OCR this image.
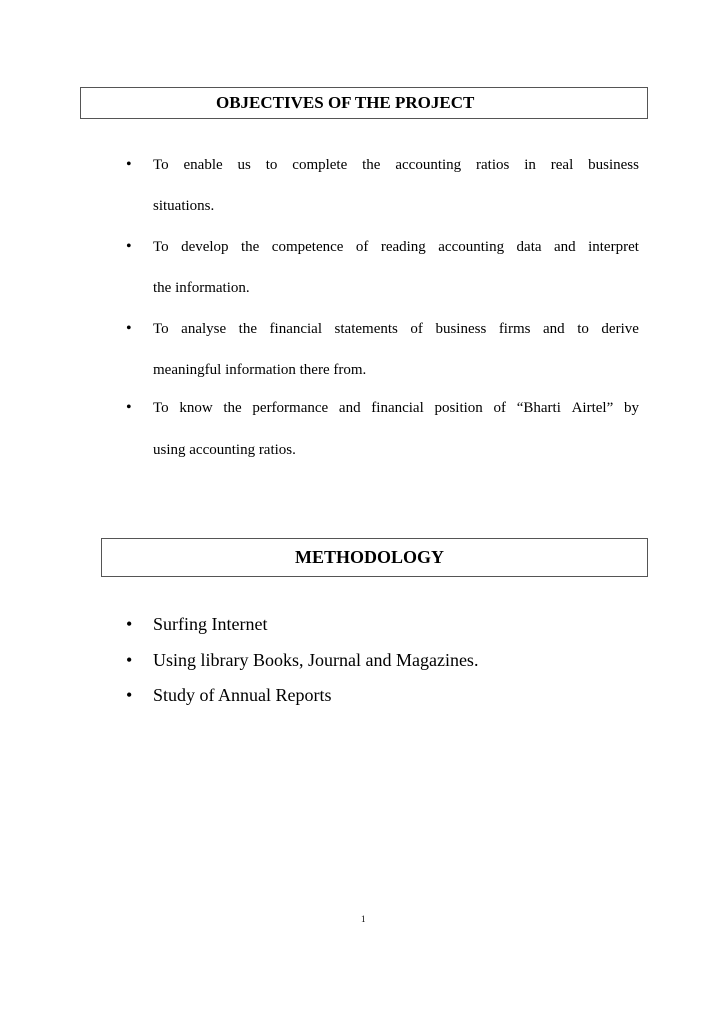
OBJECTIVES OF THE PROJECT
• To enable us to complete the accounting ratios in real business
situations.
• To develop the competence of reading accounting data and interpret
the information.
• To analyse the financial statements of business firms and to derive
meaningful information there from.
• To know the performance and financial position of “Bharti Airtel” by
using accounting ratios.
METHODOLOGY
• Surfing Internet
• Using library Books, Journal and Magazines.
• Study of Annual Reports
1
